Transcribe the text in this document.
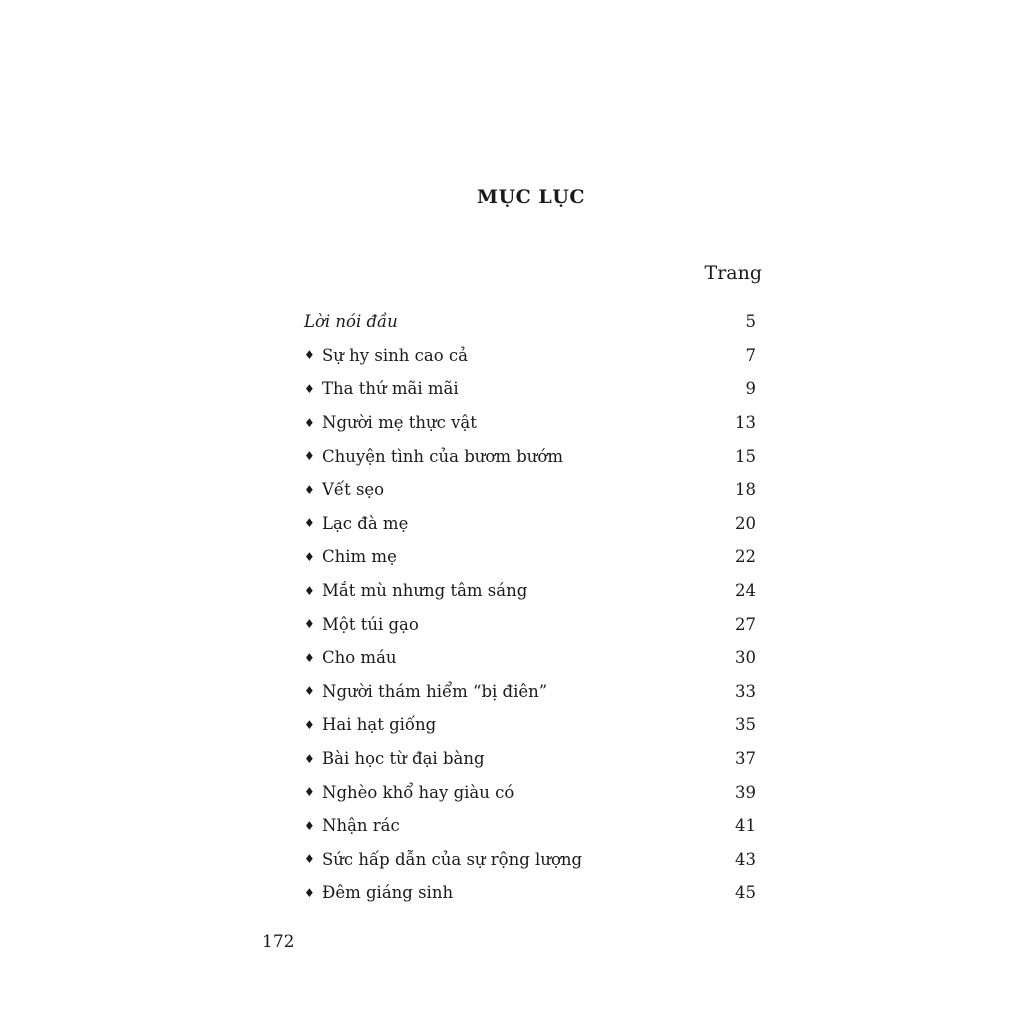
MỤC LỤC
Trang
Lời nói đầu	5
♦ Sự hy sinh cao cả	7
♦ Tha thứ mãi mãi	9
♦ Người mẹ thực vật	13
♦ Chuyện tình của bươm bướm	15
♦ Vết sẹo	18
♦ Lạc đà mẹ	20
♦ Chim mẹ	22
♦ Mắt mù nhưng tâm sáng	24
♦ Một túi gạo	27
♦ Cho máu	30
♦ Người thám hiểm “bị điên”	33
♦ Hai hạt giống	35
♦ Bài học từ đại bàng	37
♦ Nghèo khổ hay giàu có	39
♦ Nhận rác	41
♦ Sức hấp dẫn của sự rộng lượng	43
♦ Đêm giáng sinh	45
172
